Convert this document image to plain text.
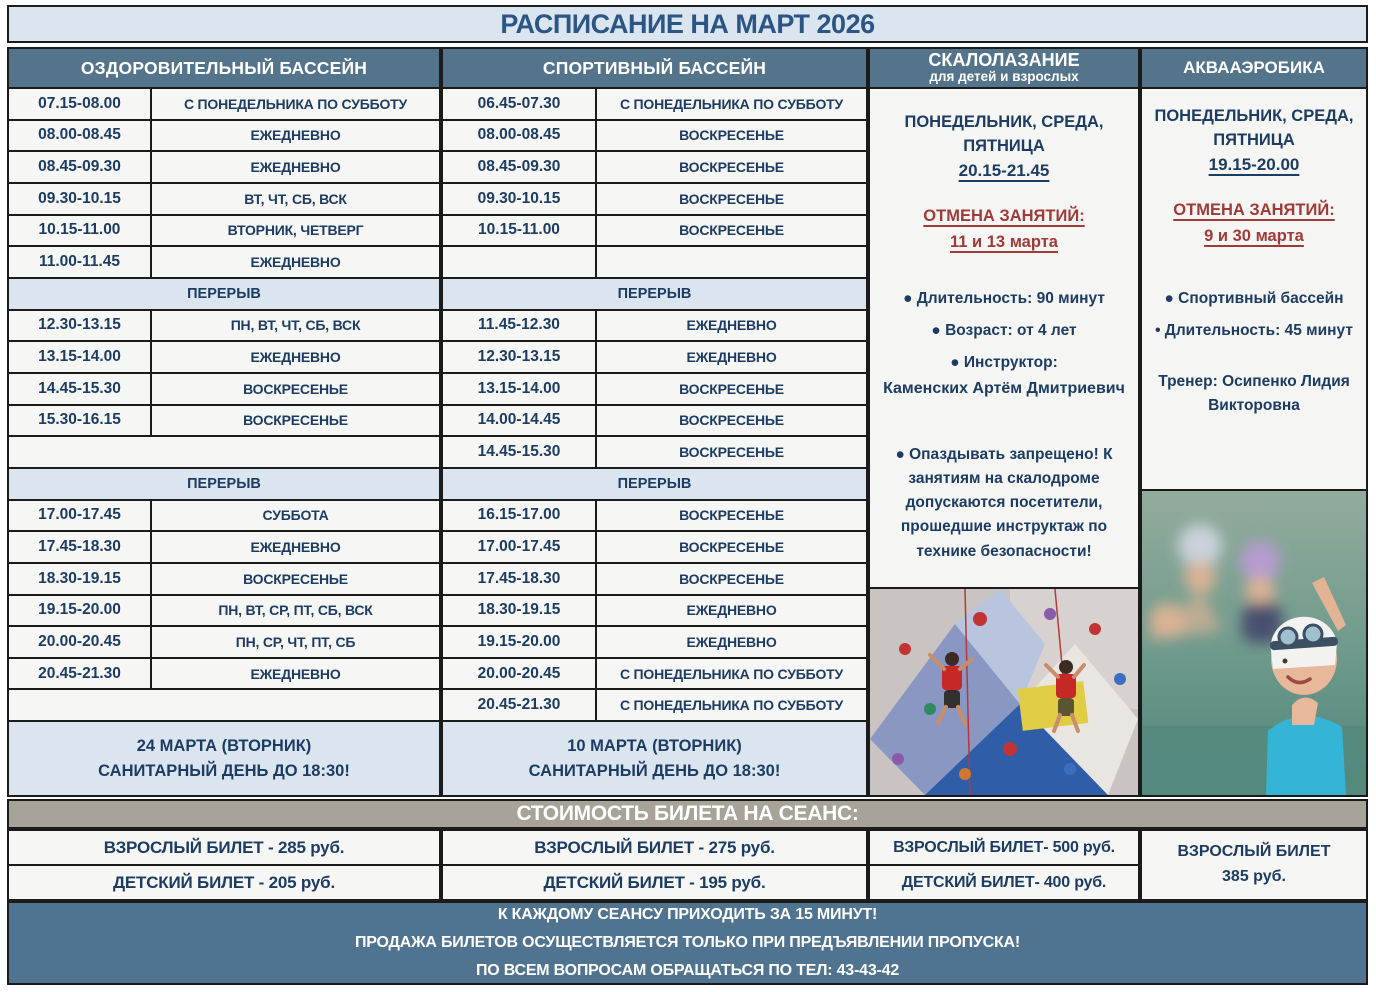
РАСПИСАНИЕ НА МАРТ 2026
ОЗДОРОВИТЕЛЬНЫЙ БАССЕЙН
07.15-08.00	С ПОНЕДЕЛЬНИКА ПО СУББОТУ
08.00-08.45	ЕЖЕДНЕВНО
08.45-09.30	ЕЖЕДНЕВНО
09.30-10.15	ВТ, ЧТ, СБ, ВСК
10.15-11.00	ВТОРНИК, ЧЕТВЕРГ
11.00-11.45	ЕЖЕДНЕВНО
ПЕРЕРЫВ
12.30-13.15	ПН, ВТ, ЧТ, СБ, ВСК
13.15-14.00	ЕЖЕДНЕВНО
14.45-15.30	ВОСКРЕСЕНЬЕ
15.30-16.15	ВОСКРЕСЕНЬЕ
ПЕРЕРЫВ
17.00-17.45	СУББОТА
17.45-18.30	ЕЖЕДНЕВНО
18.30-19.15	ВОСКРЕСЕНЬЕ
19.15-20.00	ПН, ВТ, СР, ПТ, СБ, ВСК
20.00-20.45	ПН, СР, ЧТ, ПТ, СБ
20.45-21.30	ЕЖЕДНЕВНО
24 МАРТА (ВТОРНИК)
САНИТАРНЫЙ ДЕНЬ ДО 18:30!
СПОРТИВНЫЙ БАССЕЙН
06.45-07.30	С ПОНЕДЕЛЬНИКА ПО СУББОТУ
08.00-08.45	ВОСКРЕСЕНЬЕ
08.45-09.30	ВОСКРЕСЕНЬЕ
09.30-10.15	ВОСКРЕСЕНЬЕ
10.15-11.00	ВОСКРЕСЕНЬЕ
ПЕРЕРЫВ
11.45-12.30	ЕЖЕДНЕВНО
12.30-13.15	ЕЖЕДНЕВНО
13.15-14.00	ВОСКРЕСЕНЬЕ
14.00-14.45	ВОСКРЕСЕНЬЕ
14.45-15.30	ВОСКРЕСЕНЬЕ
ПЕРЕРЫВ
16.15-17.00	ВОСКРЕСЕНЬЕ
17.00-17.45	ВОСКРЕСЕНЬЕ
17.45-18.30	ВОСКРЕСЕНЬЕ
18.30-19.15	ЕЖЕДНЕВНО
19.15-20.00	ЕЖЕДНЕВНО
20.00-20.45	С ПОНЕДЕЛЬНИКА ПО СУББОТУ
20.45-21.30	С ПОНЕДЕЛЬНИКА ПО СУББОТУ
10 МАРТА (ВТОРНИК)
САНИТАРНЫЙ ДЕНЬ ДО 18:30!
СКАЛОЛАЗАНИЕ
для детей и взрослых
ПОНЕДЕЛЬНИК, СРЕДА, ПЯТНИЦА
20.15-21.45
ОТМЕНА ЗАНЯТИЙ:
11 и 13 марта
● Длительность: 90 минут
● Возраст: от 4 лет
● Инструктор:
Каменских Артём Дмитриевич
● Опаздывать запрещено! К занятиям на скалодроме допускаются посетители, прошедшие инструктаж по технике безопасности!
АКВААЭРОБИКА
ПОНЕДЕЛЬНИК, СРЕДА, ПЯТНИЦА
19.15-20.00
ОТМЕНА ЗАНЯТИЙ:
9 и 30 марта
● Спортивный бассейн
• Длительность: 45 минут
Тренер: Осипенко Лидия Викторовна
СТОИМОСТЬ БИЛЕТА НА СЕАНС:
ВЗРОСЛЫЙ БИЛЕТ - 285 руб.
ДЕТСКИЙ БИЛЕТ - 205 руб.
ВЗРОСЛЫЙ БИЛЕТ - 275 руб.
ДЕТСКИЙ БИЛЕТ - 195 руб.
ВЗРОСЛЫЙ БИЛЕТ- 500 руб.
ДЕТСКИЙ БИЛЕТ- 400 руб.
ВЗРОСЛЫЙ БИЛЕТ
385 руб.
К КАЖДОМУ СЕАНСУ ПРИХОДИТЬ ЗА 15 МИНУТ!
ПРОДАЖА БИЛЕТОВ ОСУЩЕСТВЛЯЕТСЯ ТОЛЬКО ПРИ ПРЕДЪЯВЛЕНИИ ПРОПУСКА!
ПО ВСЕМ ВОПРОСАМ ОБРАЩАТЬСЯ ПО ТЕЛ: 43-43-42
